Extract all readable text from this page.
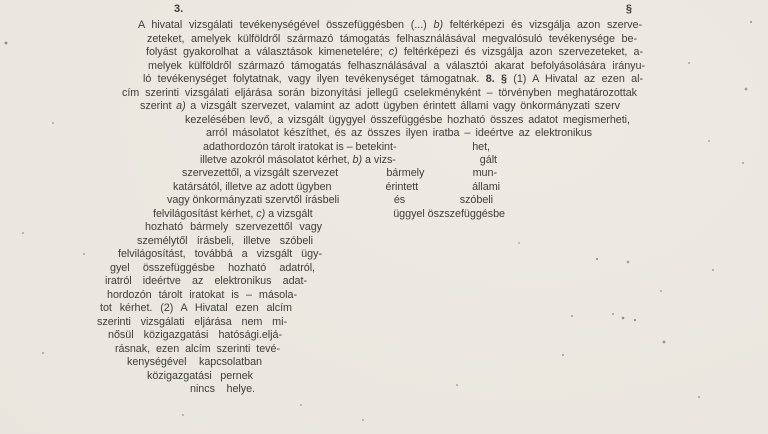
3.	§
A hivatal vizsgálati tevékenységével összefüggésben (...) b) feltérképezi és vizsgálja azon szerve-
zeteket, amelyek külföldről származó támogatás felhasználásával megvalósuló tevékenysége be-
folyást gyakorolhat a választások kimenetelére; c) feltérképezi és vizsgálja azon szervezeteket, a-
melyek külföldről származó támogatás felhasználásával a választói akarat befolyásolására irányu-
ló tevékenységet folytatnak, vagy ilyen tevékenységet támogatnak. 8. § (1) A Hivatal az ezen al-
cím szerinti vizsgálati eljárása során bizonyítási jellegű cselekményként – törvényben meghatározottak
szerint a) a vizsgált szervezet, valamint az adott ügyben érintett állami vagy önkormányzati szerv
kezelésében levő, a vizsgált ügygyel összefüggésbe hozható összes adatot megismerheti,
arról másolatot készíthet, és az összes ilyen iratba – ideértve az elektronikus
adathordozón tárolt iratokat is – betekint-	het,
illetve azokról másolatot kérhet, b) a vizs-	gált
szervezettől, a vizsgált szervezet	bármely	mun-
katársától, illetve az adott ügyben	érintett	állami
vagy önkormányzati szervtől írásbeli	és	szóbeli
felvilágosítást kérhet, c) a vizsgált	üggyel öszszefüggésbe
hozható bármely szervezettől vagy
személytől írásbeli, illetve szóbeli
felvilágosítást, továbbá a vizsgált ügy-
gyel összefüggésbe hozható adatról,
iratról ideértve az elektronikus adat-
hordozón tárolt iratokat is – másola-
tot kérhet. (2) A Hivatal ezen alcím
szerinti vizsgálati eljárása nem mi-
nősül közigazgatási hatósági.eljá-
rásnak, ezen alcím szerinti tevé-
kenységével kapcsolatban
közigazgatási pernek
nincs helye.
